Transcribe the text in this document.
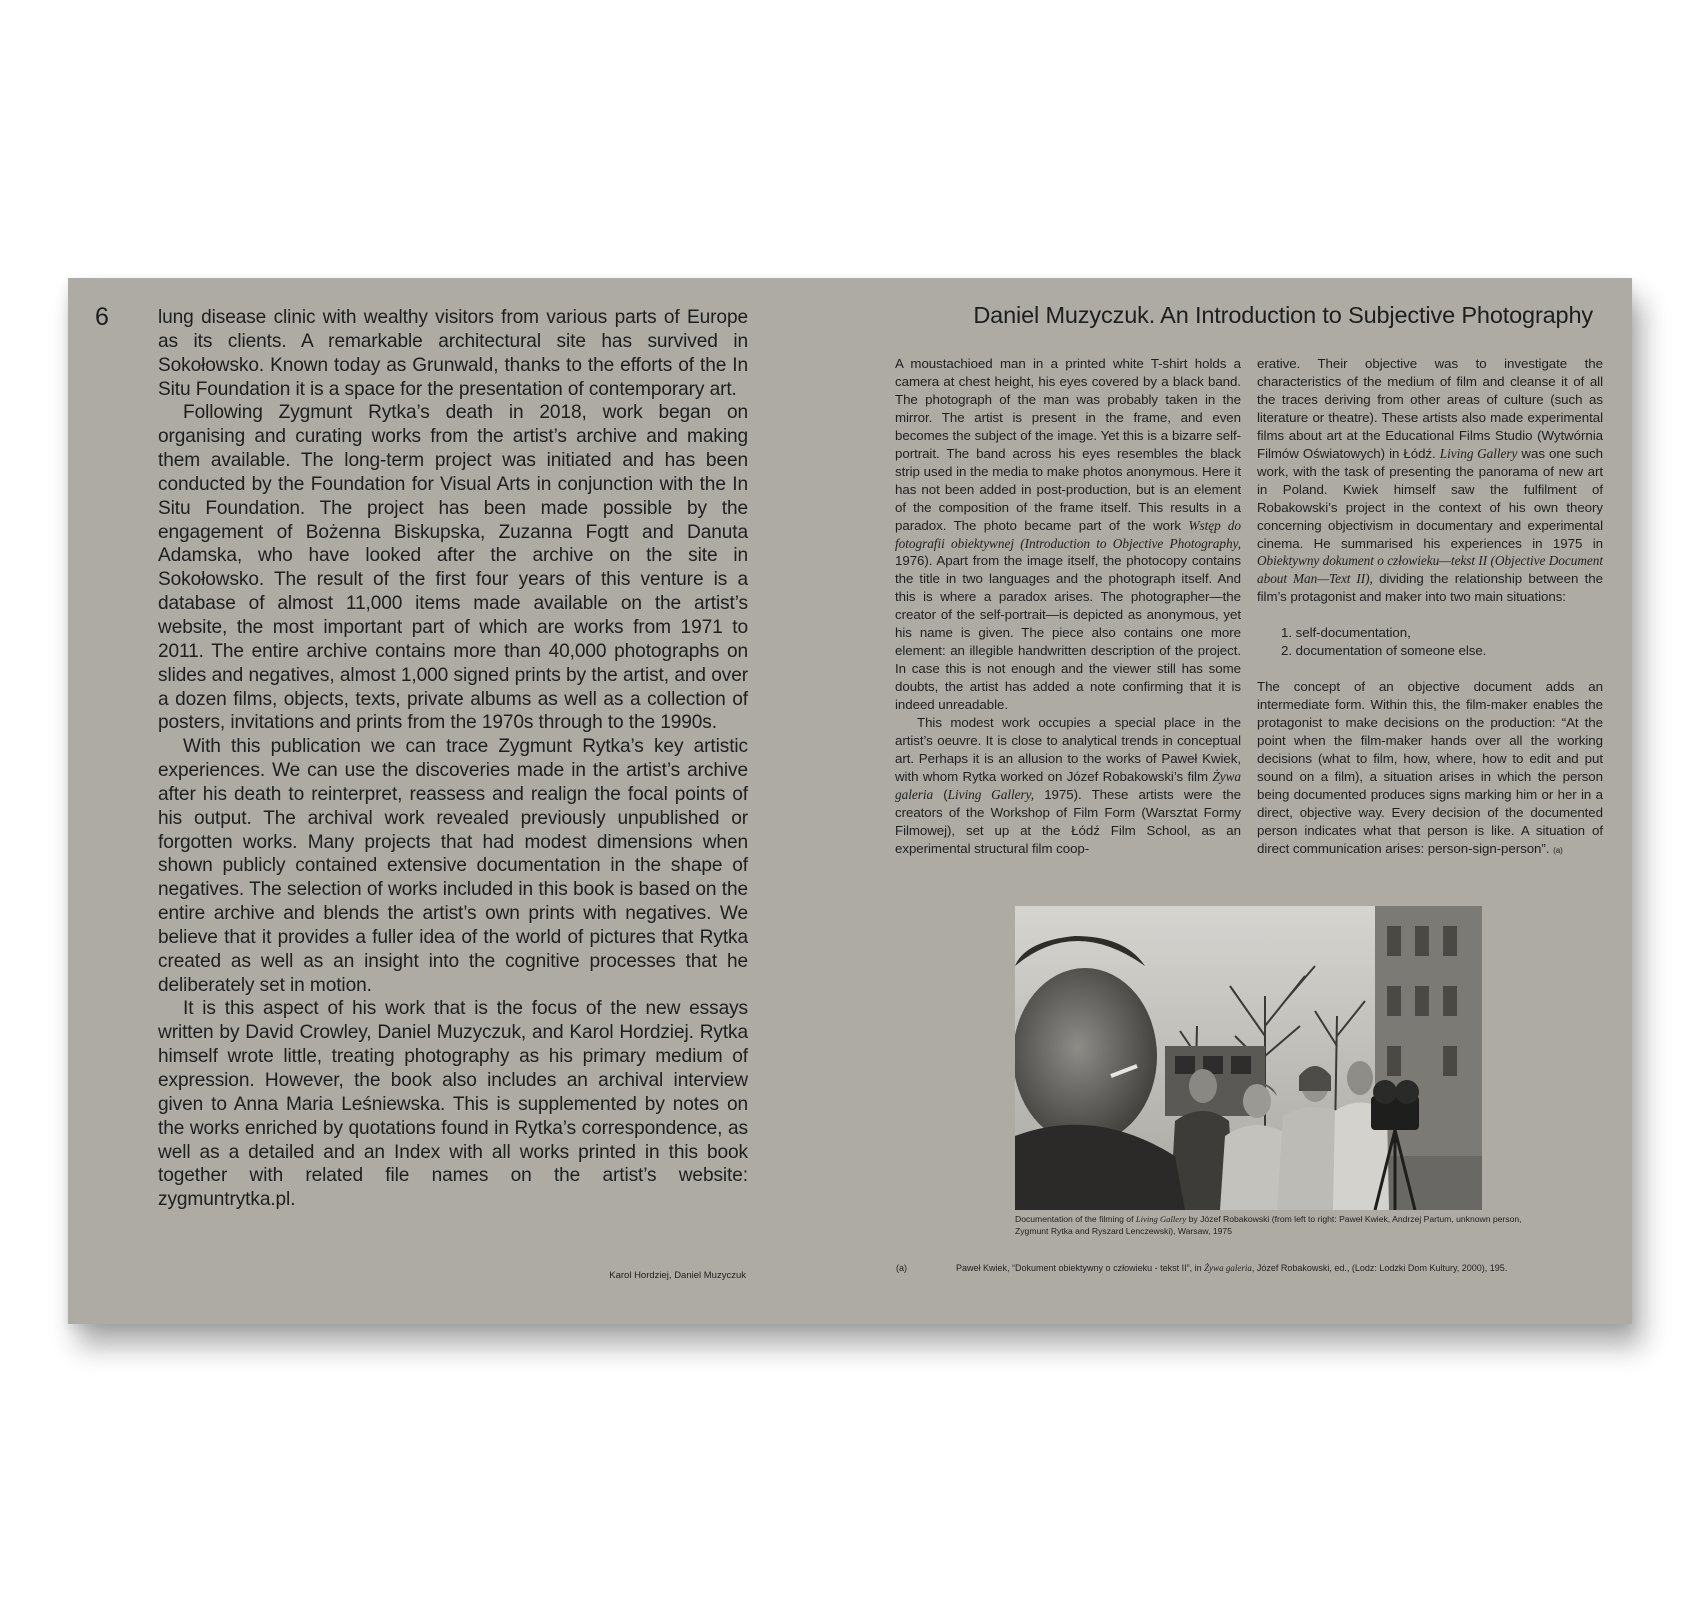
6	lung disease clinic with wealthy visitors from various parts of Europe as its clients. A remarkable architectural site has survived in Sokołowsko. Known today as Grunwald, thanks to the efforts of the In Situ Foundation it is a space for the presentation of contemporary art.

Following Zygmunt Rytka’s death in 2018, work began on organising and curating works from the artist’s archive and making them available. The long-term project was initiated and has been conducted by the Foundation for Visual Arts in conjunction with the In Situ Foundation. The project has been made possible by the engagement of Bożenna Biskupska, Zuzanna Fogtt and Danuta Adamska, who have looked after the archive on the site in Sokołowsko. The result of the first four years of this venture is a database of almost 11,000 items made available on the artist’s website, the most important part of which are works from 1971 to 2011. The entire archive contains more than 40,000 photographs on slides and negatives, almost 1,000 signed prints by the artist, and over a dozen films, objects, texts, private albums as well as a collection of posters, invitations and prints from the 1970s through to the 1990s.

With this publication we can trace Zygmunt Rytka’s key artistic experiences. We can use the discoveries made in the artist’s archive after his death to reinterpret, reassess and realign the focal points of his output. The archival work revealed previously unpublished or forgotten works. Many projects that had modest dimensions when shown publicly contained extensive documentation in the shape of negatives. The selection of works included in this book is based on the entire archive and blends the artist’s own prints with negatives. We believe that it provides a fuller idea of the world of pictures that Rytka created as well as an insight into the cognitive processes that he deliberately set in motion.

It is this aspect of his work that is the focus of the new essays written by David Crowley, Daniel Muzyczuk, and Karol Hordziej. Rytka himself wrote little, treating photography as his primary medium of expression. However, the book also includes an archival interview given to Anna Maria Leśniewska. This is supplemented by notes on the works enriched by quotations found in Rytka’s correspondence, as well as a detailed and an Index with all works printed in this book together with related file names on the artist’s website: zygmuntrytka.pl.

Karol Hordziej, Daniel Muzyczuk
Daniel Muzyczuk. An Introduction to Subjective Photography

A moustachioed man in a printed white T-shirt holds a camera at chest height, his eyes covered by a black band. The photograph of the man was probably taken in the mirror. The artist is present in the frame, and even becomes the subject of the image. Yet this is a bizarre self-portrait. The band across his eyes resembles the black strip used in the media to make photos anonymous. Here it has not been added in post-production, but is an element of the composition of the frame itself. This results in a paradox. The photo became part of the work Wstęp do fotografii obiektywnej (Introduction to Objective Photography, 1976). Apart from the image itself, the photocopy contains the title in two languages and the photograph itself. And this is where a paradox arises. The photographer—the creator of the self-portrait—is depicted as anonymous, yet his name is given. The piece also contains one more element: an illegible handwritten description of the project. In case this is not enough and the viewer still has some doubts, the artist has added a note confirming that it is indeed unreadable.

This modest work occupies a special place in the artist’s oeuvre. It is close to analytical trends in conceptual art. Perhaps it is an allusion to the works of Paweł Kwiek, with whom Rytka worked on Józef Robakowski’s film Żywa galeria (Living Gallery, 1975). These artists were the creators of the Workshop of Film Form (Warsztat Formy Filmowej), set up at the Łódź Film School, as an experimental structural film coop-

erative. Their objective was to investigate the characteristics of the medium of film and cleanse it of all the traces deriving from other areas of culture (such as literature or theatre). These artists also made experimental films about art at the Educational Films Studio (Wytwórnia Filmów Oświatowych) in Łódź. Living Gallery was one such work, with the task of presenting the panorama of new art in Poland. Kwiek himself saw the fulfilment of Robakowski’s project in the context of his own theory concerning objectivism in documentary and experimental cinema. He summarised his experiences in 1975 in Obiektywny dokument o człowieku—tekst II (Objective Document about Man—Text II), dividing the relationship between the film’s protagonist and maker into two main situations:

1. self-documentation,
2. documentation of someone else.

The concept of an objective document adds an intermediate form. Within this, the film-maker enables the protagonist to make decisions on the production: “At the point when the film-maker hands over all the working decisions (what to film, how, where, how to edit and put sound on a film), a situation arises in which the person being documented produces signs marking him or her in a direct, objective way. Every decision of the documented person indicates what that person is like. A situation of direct communication arises: person-sign-person”. (a)

Documentation of the filming of Living Gallery by Józef Robakowski (from left to right: Paweł Kwiek, Andrzej Partum, unknown person, Zygmunt Rytka and Ryszard Lenczewski), Warsaw, 1975
(a)	Paweł Kwiek, “Dokument obiektywny o człowieku - tekst II”, in Żywa galeria, Józef Robakowski, ed., (Lodz: Lodzki Dom Kultury, 2000), 195.
